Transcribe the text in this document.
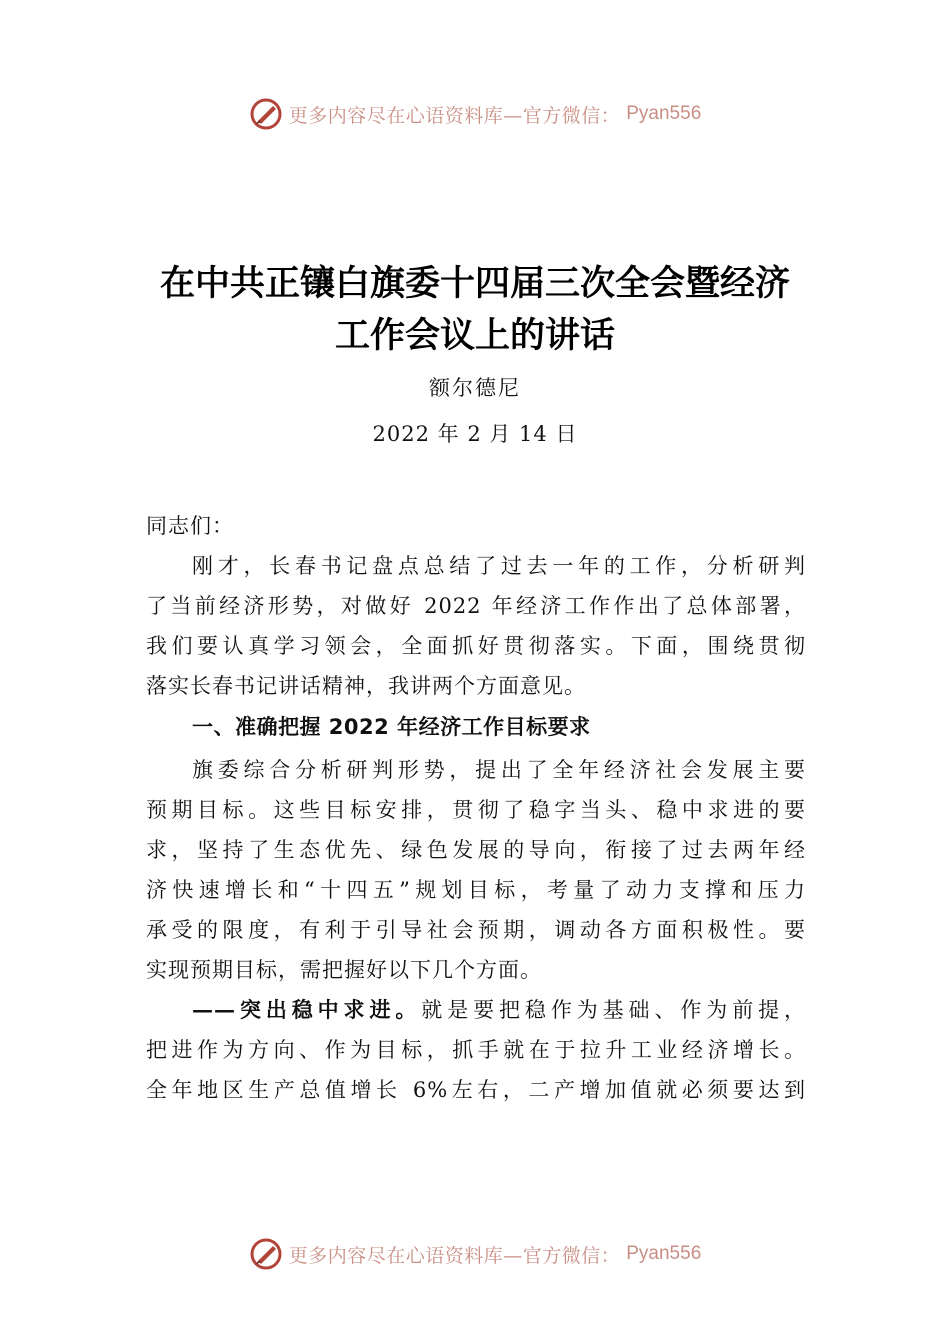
更多内容尽在心语资料库—官方微信： Pyan556
在中共正镶白旗委十四届三次全会暨经济
工作会议上的讲话
额尔德尼
2022 年 2 月 14 日
同志们：
刚才，长春书记盘点总结了过去一年的工作，分析研判
了当前经济形势，对做好 2022 年经济工作作出了总体部署，
我们要认真学习领会，全面抓好贯彻落实。下面，围绕贯彻
落实长春书记讲话精神，我讲两个方面意见。
一、准确把握 2022 年经济工作目标要求
旗委综合分析研判形势，提出了全年经济社会发展主要
预期目标。这些目标安排，贯彻了稳字当头、稳中求进的要
求，坚持了生态优先、绿色发展的导向，衔接了过去两年经
济快速增长和“十四五”规划目标，考量了动力支撑和压力
承受的限度，有利于引导社会预期，调动各方面积极性。要
实现预期目标，需把握好以下几个方面。
——突出稳中求进。就是要把稳作为基础、作为前提，
把进作为方向、作为目标，抓手就在于拉升工业经济增长。
全年地区生产总值增长 6%左右，二产增加值就必须要达到
更多内容尽在心语资料库—官方微信： Pyan556
